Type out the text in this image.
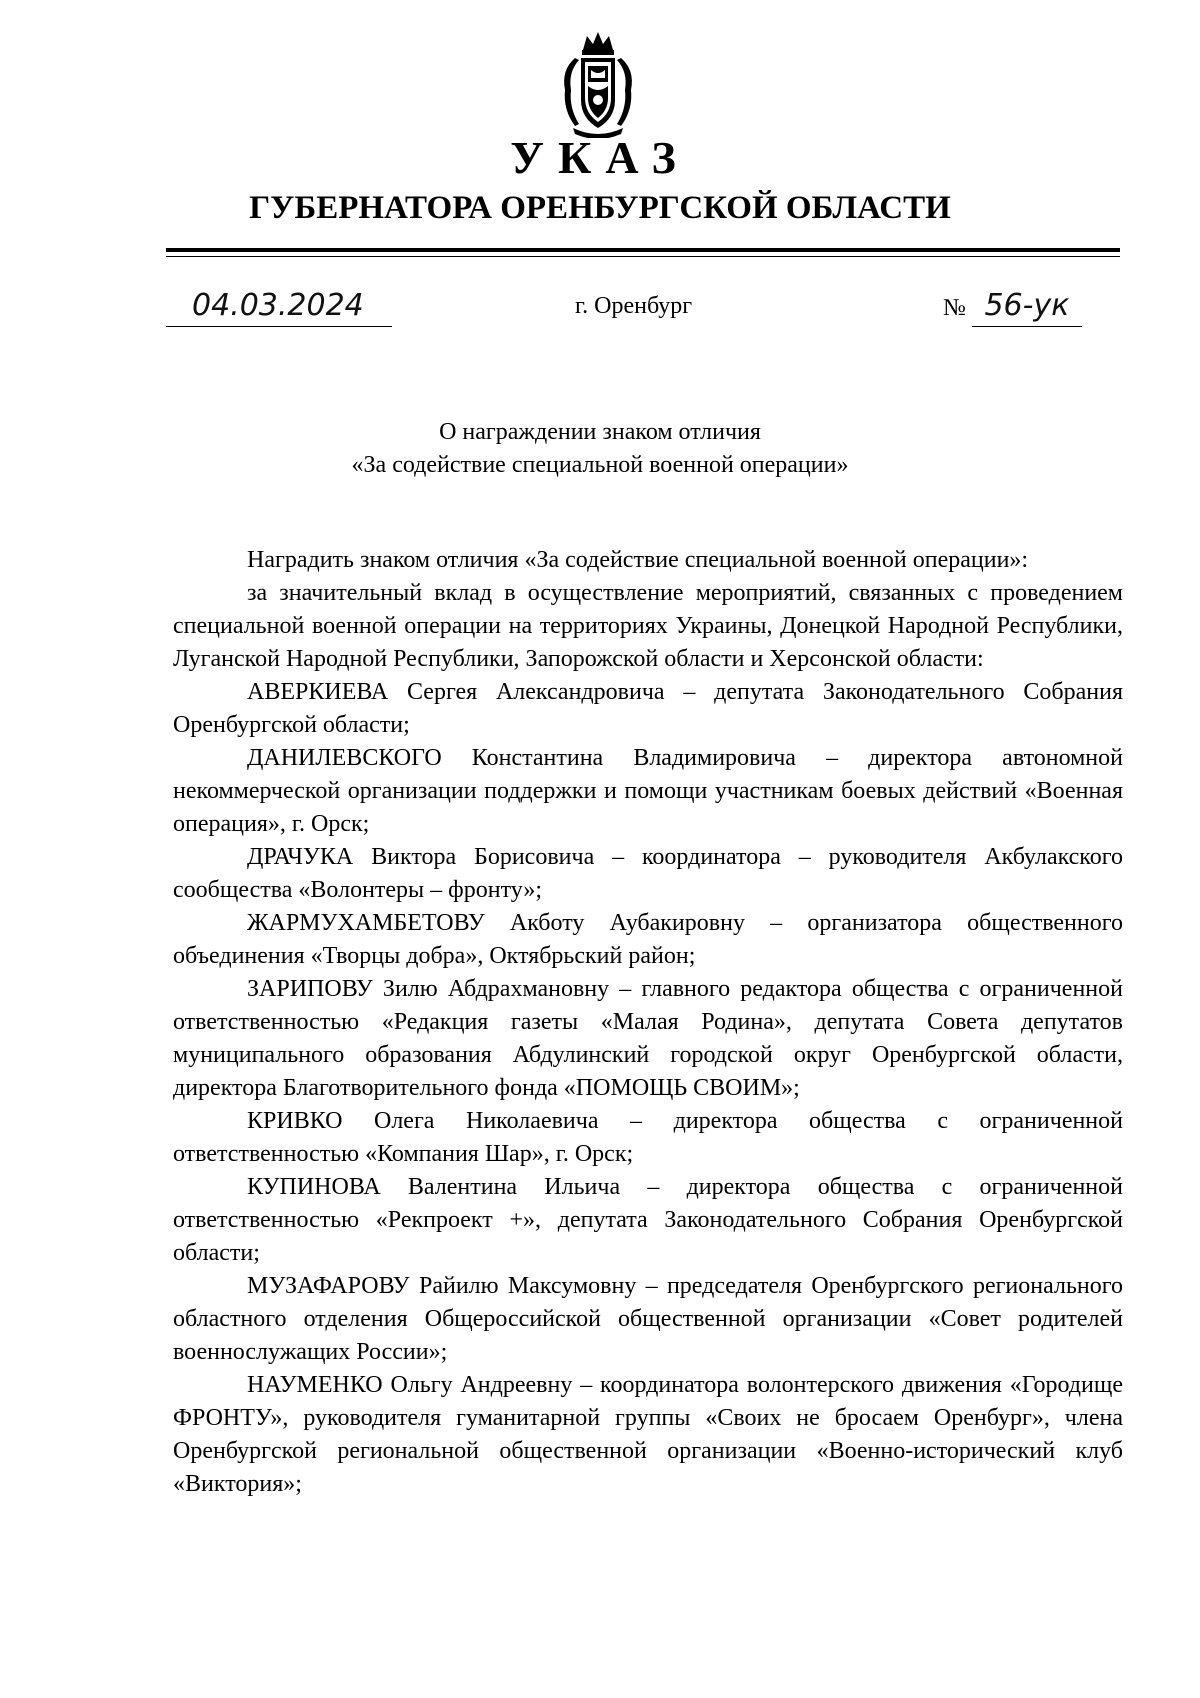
УКАЗ
ГУБЕРНАТОРА ОРЕНБУРГСКОЙ ОБЛАСТИ
04.03.2024	г. Оренбург	№ 56-ук
О награждении знаком отличия
«За содействие специальной военной операции»

Наградить знаком отличия «За содействие специальной военной операции»:

за значительный вклад в осуществление мероприятий, связанных с проведением специальной военной операции на территориях Украины, Донецкой Народной Республики, Луганской Народной Республики, Запорожской области и Херсонской области:

АВЕРКИЕВА Сергея Александровича – депутата Законодательного Собрания Оренбургской области;

ДАНИЛЕВСКОГО Константина Владимировича – директора автономной некоммерческой организации поддержки и помощи участникам боевых действий «Военная операция», г. Орск;

ДРАЧУКА Виктора Борисовича – координатора – руководителя Акбулакского сообщества «Волонтеры – фронту»;

ЖАРМУХАМБЕТОВУ Акботу Аубакировну – организатора общественного объединения «Творцы добра», Октябрьский район;

ЗАРИПОВУ Зилю Абдрахмановну – главного редактора общества с ограниченной ответственностью «Редакция газеты «Малая Родина», депутата Совета депутатов муниципального образования Абдулинский городской округ Оренбургской области, директора Благотворительного фонда «ПОМОЩЬ СВОИМ»;

КРИВКО Олега Николаевича – директора общества с ограниченной ответственностью «Компания Шар», г. Орск;

КУПИНОВА Валентина Ильича – директора общества с ограниченной ответственностью «Рекпроект +», депутата Законодательного Собрания Оренбургской области;

МУЗАФАРОВУ Райилю Максумовну – председателя Оренбургского регионального областного отделения Общероссийской общественной организации «Совет родителей военнослужащих России»;

НАУМЕНКО Ольгу Андреевну – координатора волонтерского движения «Городище ФРОНТУ», руководителя гуманитарной группы «Своих не бросаем Оренбург», члена Оренбургской региональной общественной организации «Военно-исторический клуб «Виктория»;
